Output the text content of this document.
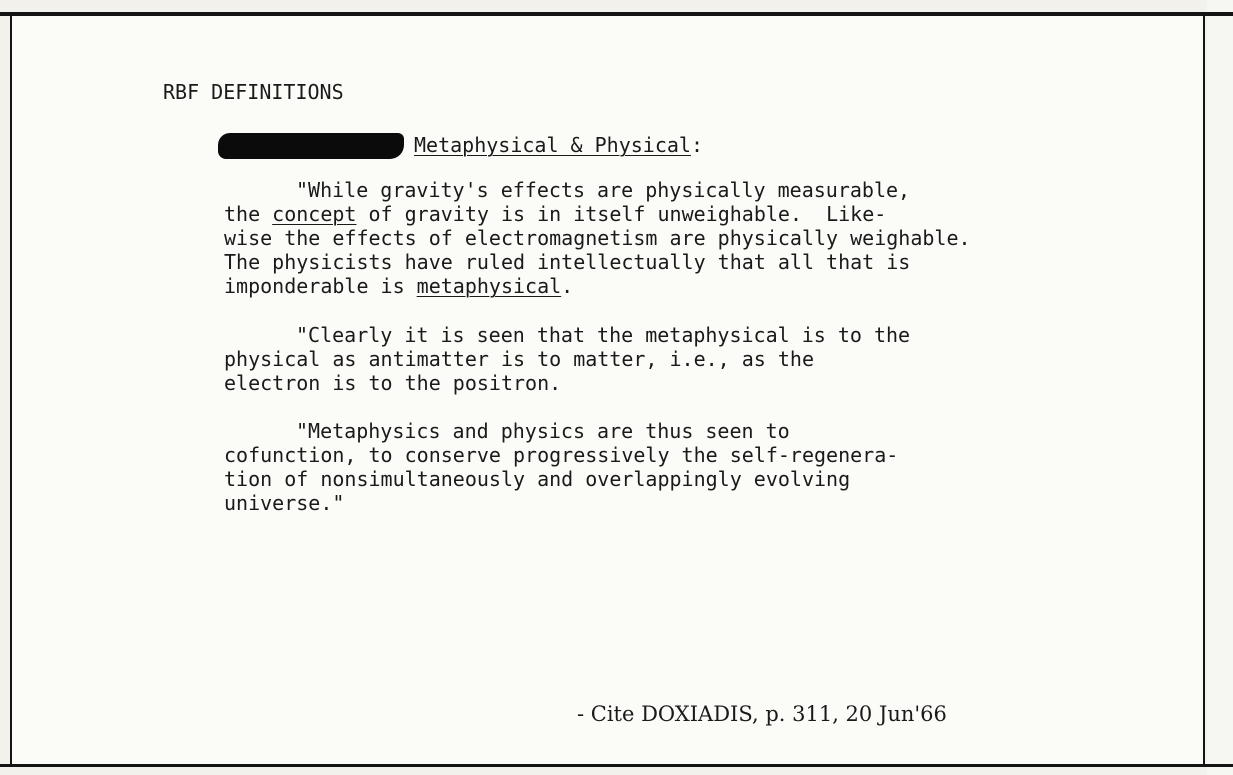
RBF DEFINITIONS
Metaphysical & Physical:
"While gravity's effects are physically measurable,
the concept of gravity is in itself unweighable.  Like-
wise the effects of electromagnetism are physically weighable.
The physicists have ruled intellectually that all that is
imponderable is metaphysical.
"Clearly it is seen that the metaphysical is to the
physical as antimatter is to matter, i.e., as the
electron is to the positron.
"Metaphysics and physics are thus seen to
cofunction, to conserve progressively the self-regenera-
tion of nonsimultaneously and overlappingly evolving
universe."
- Cite DOXIADIS, p. 311, 20 Jun'66
